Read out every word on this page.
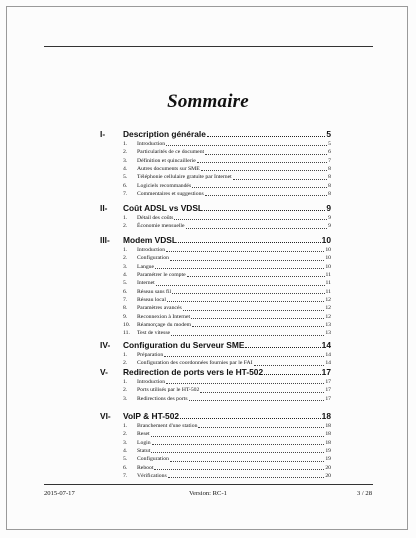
Sommaire
I- Description générale	5
1. Introduction	5
2. Particularités de ce document	6
3. Définition et quincaillerie	7
4. Autres documents sur SME	8
5. Téléphonie cellulaire gratuite par Internet	8
6. Logiciels recommandés	8
7. Commentaires et suggestions	8
II- Coût ADSL vs VDSL	9
1. Détail des coûts	9
2. Économie mensuelle	9
III- Modem VDSL	10
1. Introduction	10
2. Configuration	10
3. Langue	10
4. Paramétrer le compte	11
5. Internet	11
6. Réseau sans fil	11
7. Réseau local	12
8. Paramètres avancés	12
9. Reconnexion à Internet	12
10. Réamorçage du modem	13
11. Test de vitesse	13
IV- Configuration du Serveur SME	14
1. Préparation	14
2. Configuration des coordonnées fournies par le FAI	14
V- Redirection de ports vers le HT-502	17
1. Introduction	17
2. Ports utilisés par le HT-502	17
3. Redirections des ports	17
VI- VoIP & HT-502	18
1. Branchement d'une station	18
2. Reset	18
3. Login	18
4. Statut	19
5. Configuration	19
6. Reboot	20
7. Vérifications	20
2015-07-17	Version: RC-1	3 / 28
